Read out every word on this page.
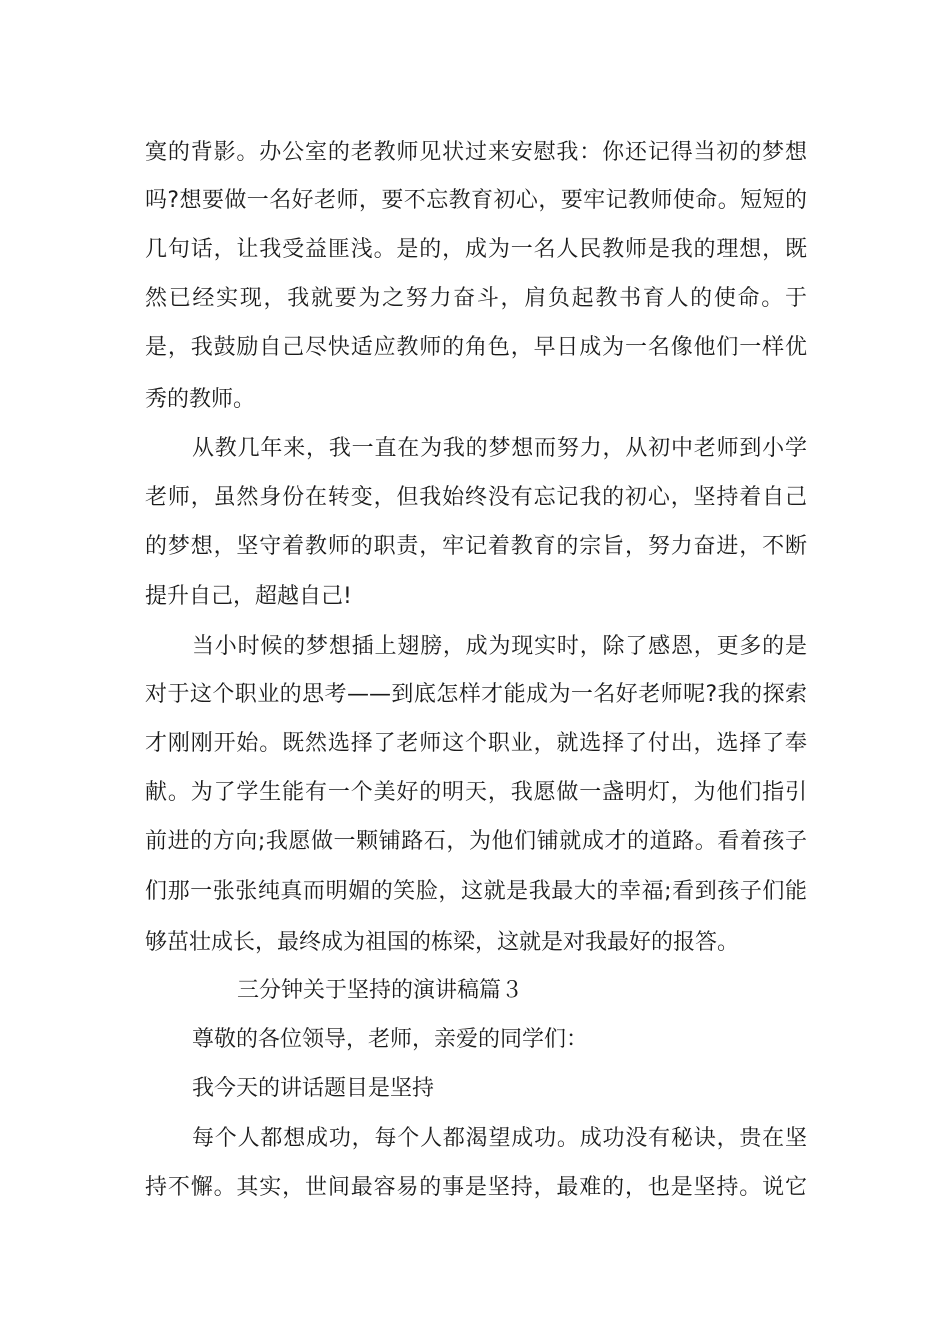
寞的背影。办公室的老教师见状过来安慰我：你还记得当初的梦想
吗?想要做一名好老师，要不忘教育初心，要牢记教师使命。短短的
几句话，让我受益匪浅。是的，成为一名人民教师是我的理想，既
然已经实现，我就要为之努力奋斗，肩负起教书育人的使命。于
是，我鼓励自己尽快适应教师的角色，早日成为一名像他们一样优
秀的教师。
从教几年来，我一直在为我的梦想而努力，从初中老师到小学
老师，虽然身份在转变，但我始终没有忘记我的初心，坚持着自己
的梦想，坚守着教师的职责，牢记着教育的宗旨，努力奋进，不断
提升自己，超越自己!
当小时候的梦想插上翅膀，成为现实时，除了感恩，更多的是
对于这个职业的思考——到底怎样才能成为一名好老师呢?我的探索
才刚刚开始。既然选择了老师这个职业，就选择了付出，选择了奉
献。为了学生能有一个美好的明天，我愿做一盏明灯，为他们指引
前进的方向;我愿做一颗铺路石，为他们铺就成才的道路。看着孩子
们那一张张纯真而明媚的笑脸，这就是我最大的幸福;看到孩子们能
够茁壮成长，最终成为祖国的栋梁，这就是对我最好的报答。
三分钟关于坚持的演讲稿篇３
尊敬的各位领导，老师，亲爱的同学们：
我今天的讲话题目是坚持
每个人都想成功，每个人都渴望成功。成功没有秘诀，贵在坚
持不懈。其实，世间最容易的事是坚持，最难的，也是坚持。说它
